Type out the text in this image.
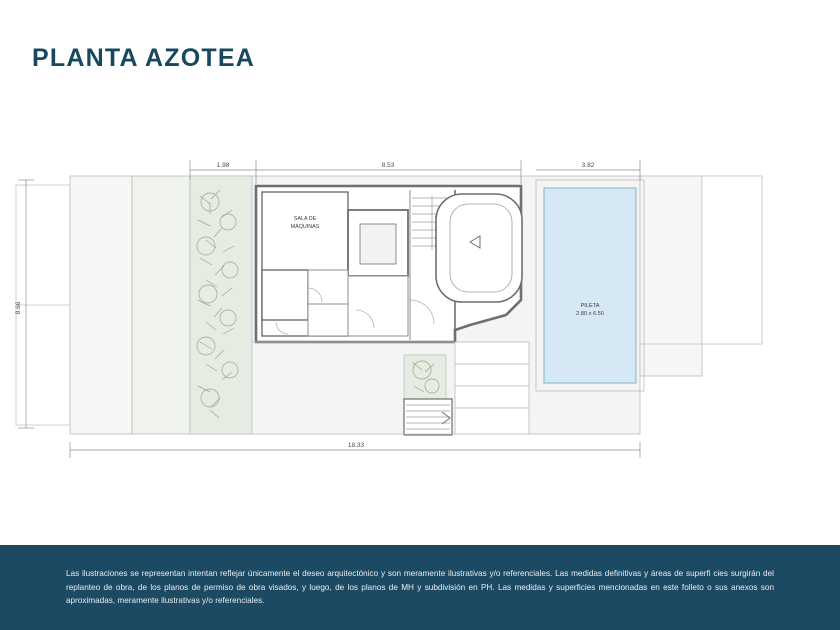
PLANTA AZOTEA
PILETA
2.80 x 6.50
SALA DE
MÁQUINAS
1.98	8.53	3.82
8.66
18.33
Las ilustraciones se representan intentan reflejar únicamente el deseo arquitectónico y son meramente ilustrativas y/o referenciales. Las medidas definitivas y áreas de superfi cies surgirán del replanteo de obra, de los planos de permiso de obra visados, y luego, de los planos de MH y subdivisión en PH. Las medidas y superficies mencionadas en este folleto o sus anexos son aproximadas, meramente ilustrativas y/o referenciales.
